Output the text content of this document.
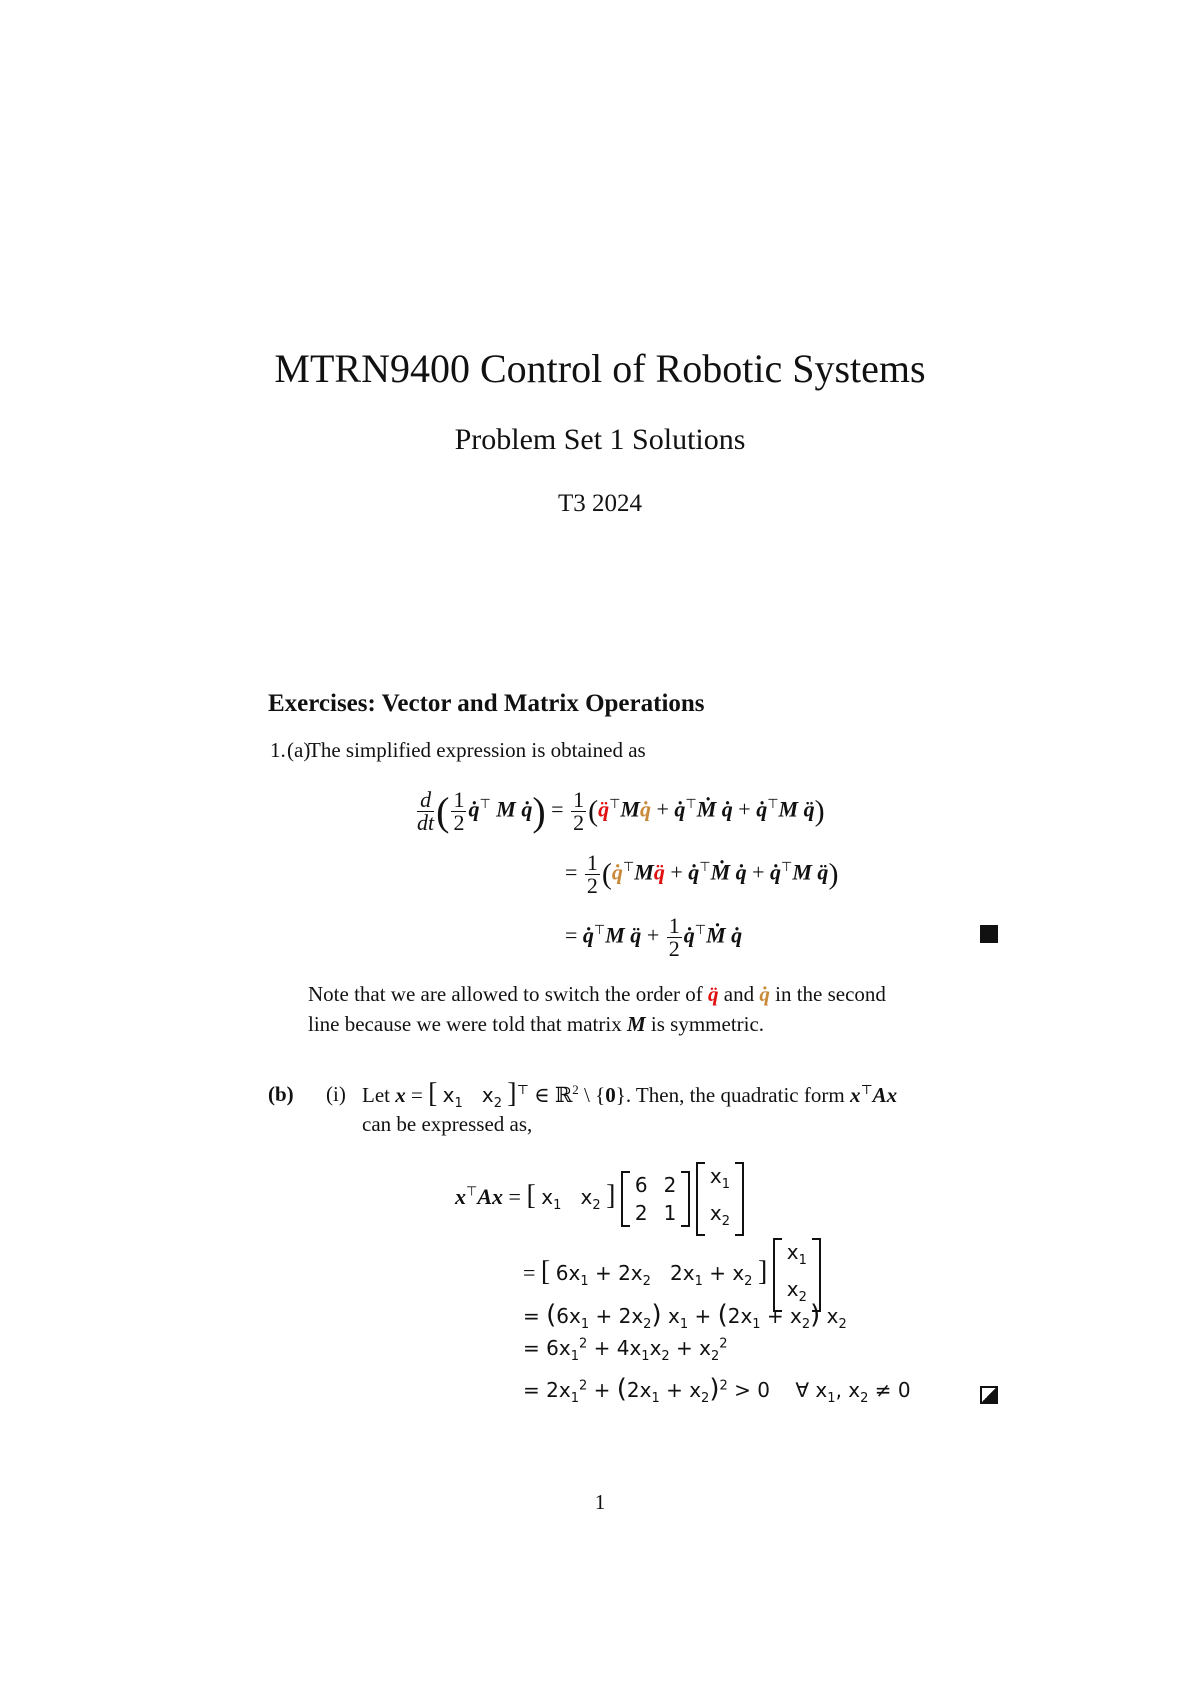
MTRN9400 Control of Robotic Systems
Problem Set 1 Solutions
T3 2024
Exercises: Vector and Matrix Operations
1. (a)
The simplified expression is obtained as
$\frac{d}{dt}$ ( $\frac{1}{2}$ q̇⊤ M q̇) = $\frac{1}{2}$ (q̈⊤Mq̇ + q̇⊤Ṁ q̇ + q̇⊤M q̈)
= $\frac{1}{2}$ (q̇⊤Mq̈ + q̇⊤Ṁ q̇ + q̇⊤M q̈)
= q̇⊤M q̈ + $\frac{1}{2}$ q̇⊤Ṁ q̇
Note that we are allowed to switch the order of q̈ and q̇ in the second
line because we were told that matrix M is symmetric.
(b) (i) Let x = [ $x_1$   $x_2$ ]⊤ ∈ ℝ$^2$ \ {0}. Then, the quadratic form x⊤Ax
can be expressed as,
x⊤Ax = [ $x_1$   $x_2$ ] 6	2
2	1

$x_1$
$x_2$
= [ $6x_1 + 2x_2$   $2x_1 + x_2$ ]
$x_1$
$x_2$
= $(6x_1 + 2x_2) x_1 + (2x_1 + x_2)$ $x_2$
= $6x_1^2 + 4x_1x_2 + x_2^2$
= $2x_1^2 + (2x_1 + x_2)^2 > 0$    ∀ $x_1$, $x_2 \ne 0$
1
